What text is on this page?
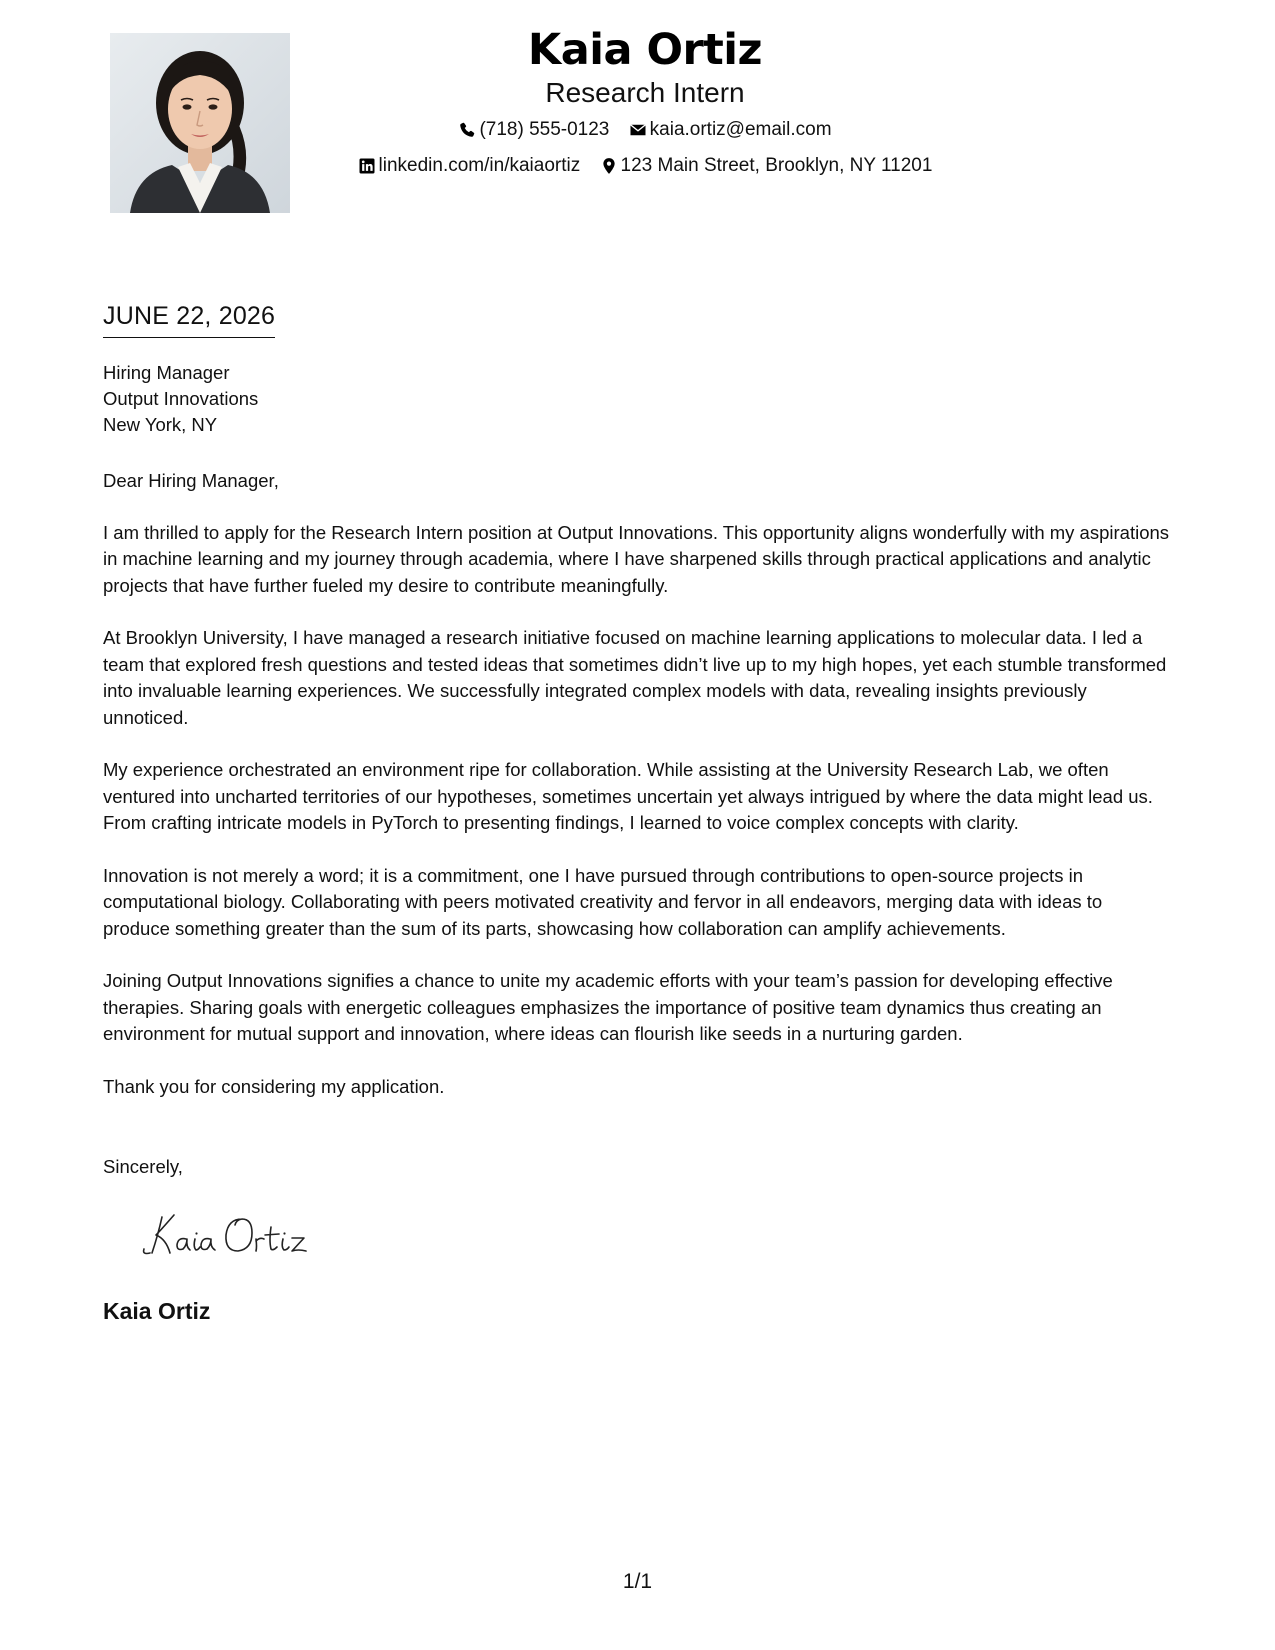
Kaia Ortiz
Research Intern
(718) 555-0123
kaia.ortiz@email.com
linkedin.com/in/kaiaortiz
123 Main Street, Brooklyn, NY 11201
JUNE 22, 2026
Hiring Manager
Output Innovations
New York, NY

Dear Hiring Manager,

I am thrilled to apply for the Research Intern position at Output Innovations. This opportunity aligns wonderfully with my aspirations in machine learning and my journey through academia, where I have sharpened skills through practical applications and analytic projects that have further fueled my desire to contribute meaningfully.

At Brooklyn University, I have managed a research initiative focused on machine learning applications to molecular data. I led a team that explored fresh questions and tested ideas that sometimes didn’t live up to my high hopes, yet each stumble transformed into invaluable learning experiences. We successfully integrated complex models with data, revealing insights previously unnoticed.

My experience orchestrated an environment ripe for collaboration. While assisting at the University Research Lab, we often ventured into uncharted territories of our hypotheses, sometimes uncertain yet always intrigued by where the data might lead us. From crafting intricate models in PyTorch to presenting findings, I learned to voice complex concepts with clarity.

Innovation is not merely a word; it is a commitment, one I have pursued through contributions to open-source projects in computational biology. Collaborating with peers motivated creativity and fervor in all endeavors, merging data with ideas to produce something greater than the sum of its parts, showcasing how collaboration can amplify achievements.

Joining Output Innovations signifies a chance to unite my academic efforts with your team’s passion for developing effective therapies. Sharing goals with energetic colleagues emphasizes the importance of positive team dynamics thus creating an environment for mutual support and innovation, where ideas can flourish like seeds in a nurturing garden.

Thank you for considering my application.

Sincerely,
Kaia Ortiz
1/1
